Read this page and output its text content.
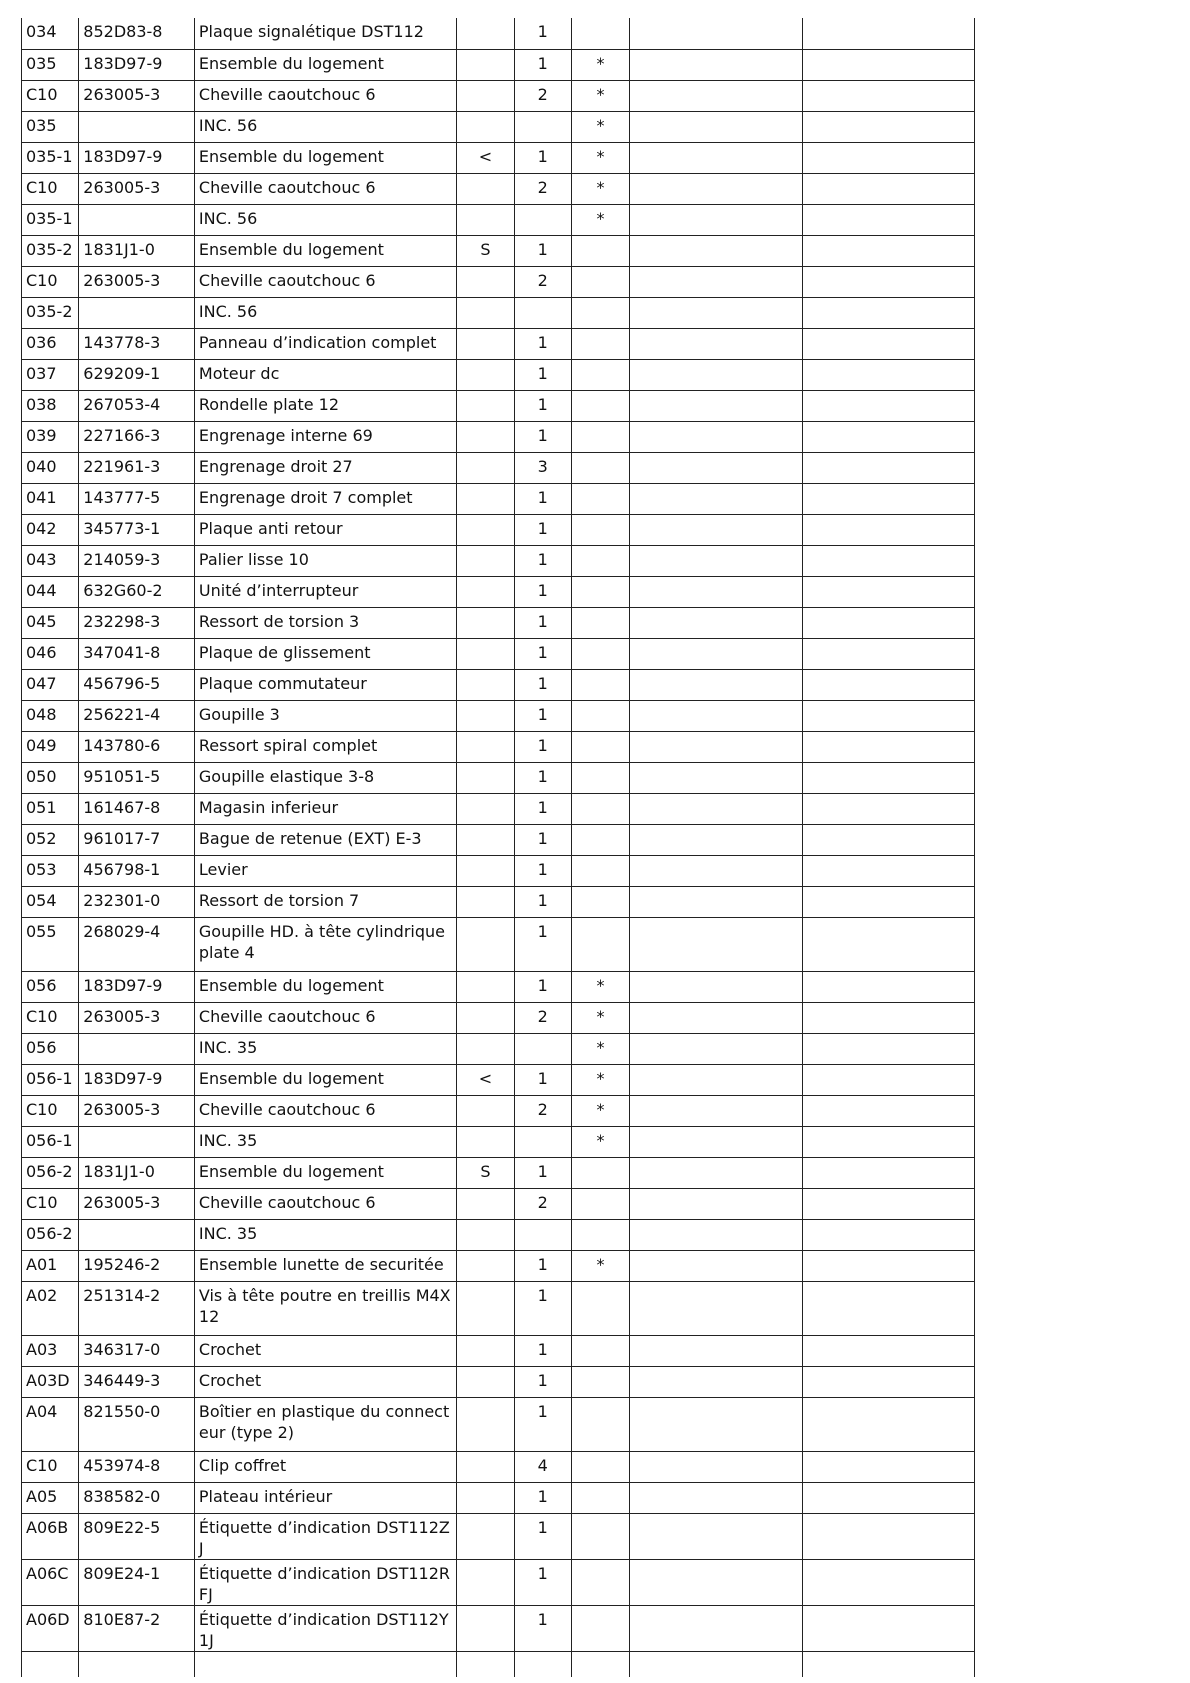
034	852D83-8	Plaque signalétique DST112		1			
035	183D97-9	Ensemble du logement		1	*		
C10	263005-3	Cheville caoutchouc 6		2	*		
035		INC. 56			*		
035-1	183D97-9	Ensemble du logement	<	1	*		
C10	263005-3	Cheville caoutchouc 6		2	*		
035-1		INC. 56			*		
035-2	1831J1-0	Ensemble du logement	S	1			
C10	263005-3	Cheville caoutchouc 6		2			
035-2		INC. 56					
036	143778-3	Panneau d’indication complet		1			
037	629209-1	Moteur dc		1			
038	267053-4	Rondelle plate 12		1			
039	227166-3	Engrenage interne 69		1			
040	221961-3	Engrenage droit 27		3			
041	143777-5	Engrenage droit 7 complet		1			
042	345773-1	Plaque anti retour		1			
043	214059-3	Palier lisse 10		1			
044	632G60-2	Unité d’interrupteur		1			
045	232298-3	Ressort de torsion 3		1			
046	347041-8	Plaque de glissement		1			
047	456796-5	Plaque commutateur		1			
048	256221-4	Goupille 3		1			
049	143780-6	Ressort spiral complet		1			
050	951051-5	Goupille elastique 3-8		1			
051	161467-8	Magasin inferieur		1			
052	961017-7	Bague de retenue (EXT) E-3		1			
053	456798-1	Levier		1			
054	232301-0	Ressort de torsion 7		1			
055	268029-4	Goupille HD. à tête cylindrique plate 4		1			
056	183D97-9	Ensemble du logement		1	*		
C10	263005-3	Cheville caoutchouc 6		2	*		
056		INC. 35			*		
056-1	183D97-9	Ensemble du logement	<	1	*		
C10	263005-3	Cheville caoutchouc 6		2	*		
056-1		INC. 35			*		
056-2	1831J1-0	Ensemble du logement	S	1			
C10	263005-3	Cheville caoutchouc 6		2			
056-2		INC. 35					
A01	195246-2	Ensemble lunette de securitée		1	*		
A02	251314-2	Vis à tête poutre en treillis M4X12		1			
A03	346317-0	Crochet		1			
A03D	346449-3	Crochet		1			
A04	821550-0	Boîtier en plastique du connecteur (type 2)		1			
C10	453974-8	Clip coffret		4			
A05	838582-0	Plateau intérieur		1			
A06B	809E22-5	Étiquette d’indication DST112ZJ		1			
A06C	809E24-1	Étiquette d’indication DST112RFJ		1			
A06D	810E87-2	Étiquette d’indication DST112Y1J		1			
